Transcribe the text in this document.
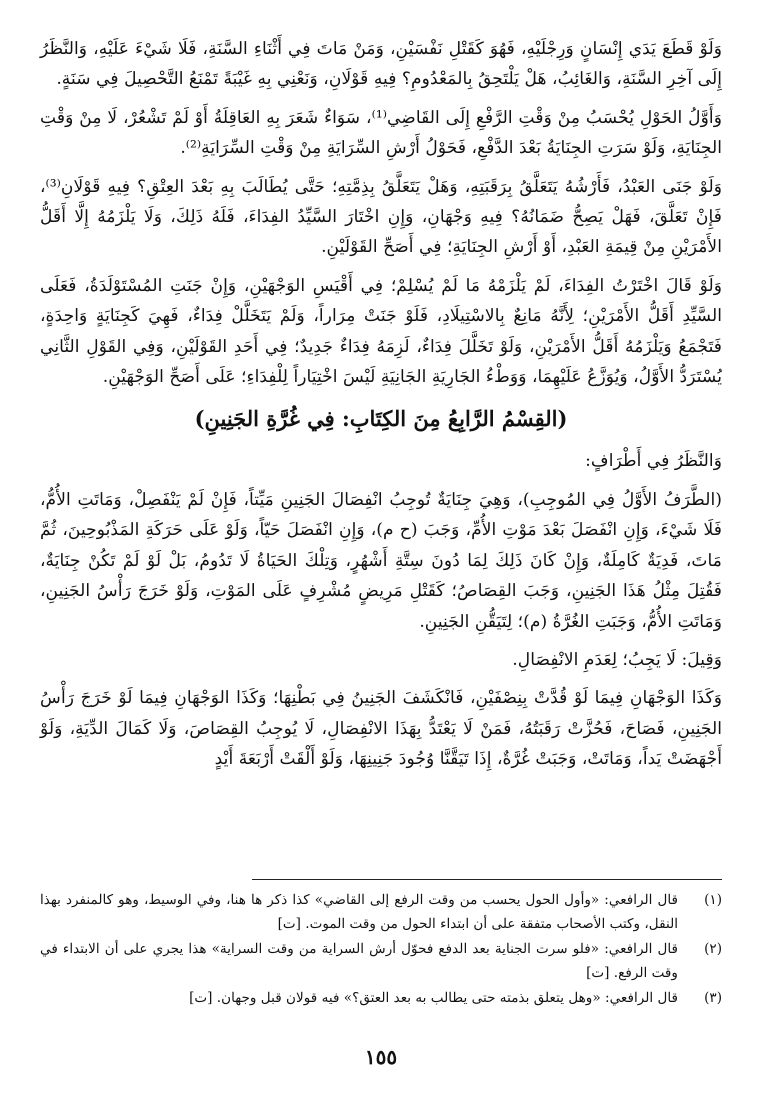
وَلَوْ قَطَعَ يَدَي إِنْسَانٍ وَرِجْلَيْهِ، فَهُوَ كَقَتْلِ نَفْسَيْنِ، وَمَنْ مَاتَ فِي أَثْنَاءِ السَّنَةِ، فَلَا شَيْءَ عَلَيْهِ، وَالنَّظَرُ إِلَى آخِرِ السَّنَةِ، وَالغَائِبُ، هَلْ يَلْتَحِقُ بِالمَعْدُومِ؟ فِيهِ قَوْلَانِ، وَنَعْنِي بِهِ غَيْبَةً تَمْنَعُ التَّحْصِيلَ فِي سَنَةٍ.

وَأَوَّلُ الحَوْلِ يُحْسَبُ مِنْ وَقْتِ الرَّفْعِ إِلَى القَاضِي⁽¹⁾، سَوَاءٌ شَعَرَ بِهِ العَاقِلَةُ أَوْ لَمْ تَشْعُرْ، لَا مِنْ وَقْتِ الجِنَايَةِ، وَلَوْ سَرَتِ الجِنَايَةُ بَعْدَ الدَّفْعِ، فَحَوْلُ أَرْشِ السِّرَايَةِ مِنْ وَقْتِ السِّرَايَةِ⁽²⁾.

وَلَوْ جَنَى العَبْدُ، فَأَرْشُهُ يَتَعَلَّقُ بِرَقَبَتِهِ، وَهَلْ يَتَعَلَّقُ بِذِمَّتِهِ؛ حَتَّى يُطَالَبَ بِهِ بَعْدَ العِتْقِ؟ فِيهِ قَوْلَانِ⁽³⁾، فَإِنْ تَعَلَّقَ، فَهَلْ يَصِحُّ ضَمَانُهُ؟ فِيهِ وَجْهَانِ، وَإِنِ اخْتَارَ السَّيِّدُ الفِدَاءَ، فَلَهُ ذَلِكَ، وَلَا يَلْزَمُهُ إِلَّا أَقَلُّ الأَمْرَيْنِ مِنْ قِيمَةِ العَبْدِ، أَوْ أَرْشِ الجِنَايَةِ؛ فِي أَصَحِّ القَوْلَيْنِ.

وَلَوْ قَالَ اخْتَرْتُ الفِدَاءَ، لَمْ يَلْزَمْهُ مَا لَمْ يُسْلِمْ؛ فِي أَقْيَسِ الوَجْهَيْنِ، وَإِنْ جَنَتِ المُسْتَوْلَدَةُ، فَعَلَى السَّيِّدِ أَقَلُّ الأَمْرَيْنِ؛ لِأَنَّهُ مَانِعٌ بِالاسْتِيلَادِ، فَلَوْ جَنَتْ مِرَاراً، وَلَمْ يَتَخَلَّلْ فِدَاءٌ، فَهِيَ كَجِنَايَةٍ وَاحِدَةٍ، فَتَجْمَعُ وَيَلْزَمُهُ أَقَلُّ الأَمْرَيْنِ، وَلَوْ تَخَلَّلَ فِدَاءٌ، لَزِمَهُ فِدَاءٌ جَدِيدٌ؛ فِي أَحَدِ القَوْلَيْنِ، وَفِي القَوْلِ الثَّانِي يُسْتَرَدُّ الأَوَّلُ، وَيُوَزَّعُ عَلَيْهِمَا، وَوَطْءُ الجَارِيَةِ الجَانِيَةِ لَيْسَ اخْتِيَاراً لِلْفِدَاءِ؛ عَلَى أَصَحِّ الوَجْهَيْنِ.

(القِسْمُ الرَّابِعُ مِنَ الكِتَابِ: فِي غُرَّةِ الجَنِينِ)

وَالنَّظَرُ فِي أَطْرَافٍ:

(الطَّرَفُ الأَوَّلُ فِي المُوجِبِ)، وَهِيَ جِنَايَةٌ تُوجِبُ انْفِصَالَ الجَنِينِ مَيِّتاً، فَإِنْ لَمْ يَنْفَصِلْ، وَمَاتَتِ الأُمُّ، فَلَا شَيْءَ، وَإِنِ انْفَصَلَ بَعْدَ مَوْتِ الأُمِّ، وَجَبَ (ح م)، وَإِنِ انْفَصَلَ حَيّاً، وَلَوْ عَلَى حَرَكَةِ المَذْبُوحِينَ، ثُمَّ مَاتَ، فَدِيَةٌ كَامِلَةٌ، وَإِنْ كَانَ ذَلِكَ لِمَا دُونَ سِتَّةِ أَشْهُرٍ، وَتِلْكَ الحَيَاةُ لَا تَدُومُ، بَلْ لَوْ لَمْ تَكُنْ جِنَايَةٌ، فَقُتِلَ مِثْلُ هَذَا الجَنِينِ، وَجَبَ القِصَاصُ؛ كَقَتْلِ مَرِيضٍ مُشْرِفٍ عَلَى المَوْتِ، وَلَوْ خَرَجَ رَأْسُ الجَنِينِ، وَمَاتَتِ الأُمُّ، وَجَبَتِ الغُرَّةُ (م)؛ لِتَيَقُّنِ الجَنِينِ.

وَقِيلَ: لَا يَجِبُ؛ لِعَدَمِ الانْفِصَالِ.

وَكَذَا الوَجْهَانِ فِيمَا لَوْ قُدَّتْ بِنِصْفَيْنِ، فَانْكَشَفَ الجَنِينُ فِي بَطْنِهَا؛ وَكَذَا الوَجْهَانِ فِيمَا لَوْ خَرَجَ رَأْسُ الجَنِينِ، فَصَاحَ، فَحُزَّتْ رَقَبَتُهُ، فَمَنْ لَا يَعْتَدُّ بِهَذَا الانْفِصَالِ، لَا يُوجِبُ القِصَاصَ، وَلَا كَمَالَ الدِّيَةِ، وَلَوْ أَجْهَضَتْ يَداً، وَمَاتَتْ، وَجَبَتْ غُرَّةٌ، إِذَا تَيَقَّنَّا وُجُودَ جَنِينِهَا، وَلَوْ أَلْقَتْ أَرْبَعَةَ أَيْدٍ

(١)
قال الرافعي: «وأول الحول يحسب من وقت الرفع إلى القاضي» كذا ذكر ها هنا، وفي الوسيط، وهو كالمنفرد بهذا النقل، وكتب الأصحاب متفقة على أن ابتداء الحول من وقت الموت. [ت]
(٢)
قال الرافعي: «فلو سرت الجناية بعد الدفع فحوّل أرش السراية من وقت السراية» هذا يجري على أن الابتداء في وقت الرفع. [ت]
(٣)
قال الرافعي: «وهل يتعلق بذمته حتى يطالب به بعد العتق؟» فيه قولان قبل وجهان. [ت]
١٥٥
